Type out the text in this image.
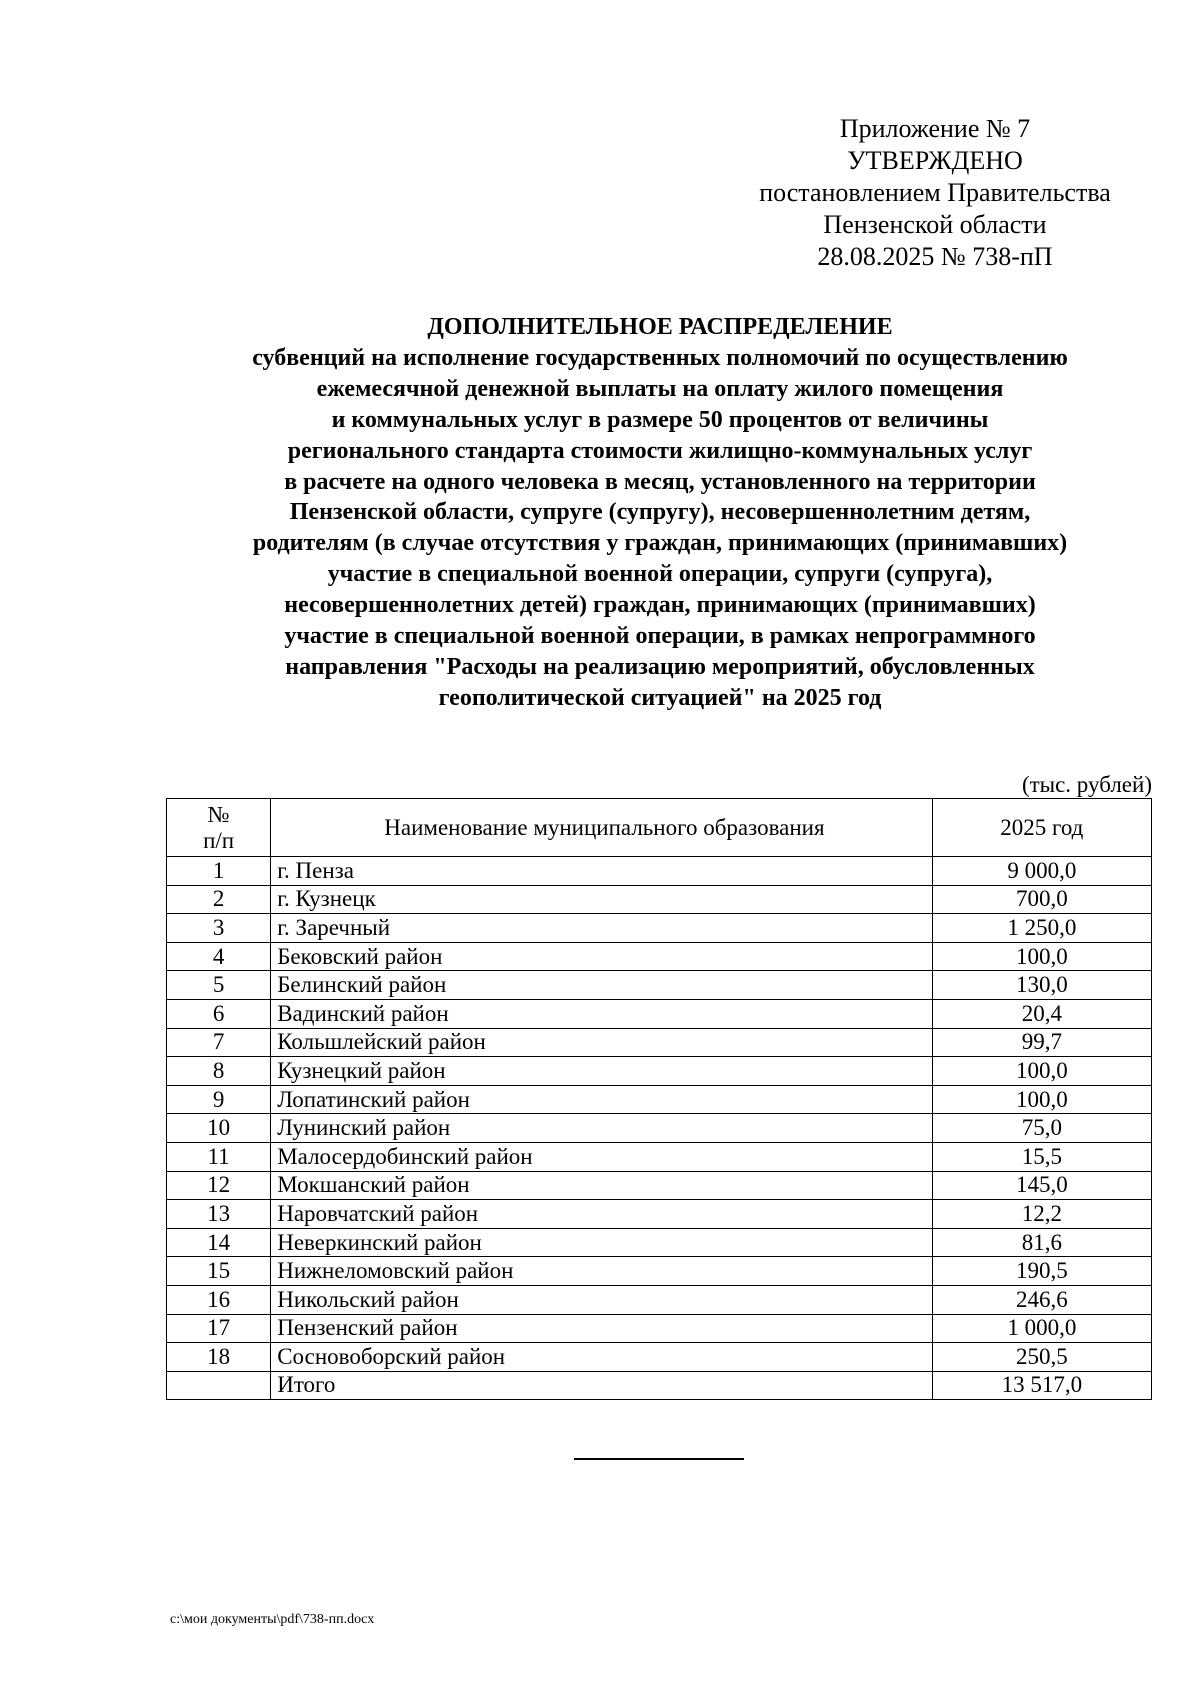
Приложение № 7
УТВЕРЖДЕНО
постановлением Правительства
Пензенской области
28.08.2025 № 738-пП
ДОПОЛНИТЕЛЬНОЕ РАСПРЕДЕЛЕНИЕ
субвенций на исполнение государственных полномочий по осуществлению
ежемесячной денежной выплаты на оплату жилого помещения
и коммунальных услуг в размере 50 процентов от величины
регионального стандарта стоимости жилищно-коммунальных услуг
в расчете на одного человека в месяц, установленного на территории
Пензенской области, супруге (супругу), несовершеннолетним детям,
родителям (в случае отсутствия у граждан, принимающих (принимавших)
участие в специальной военной операции, супруги (супруга),
несовершеннолетних детей) граждан, принимающих (принимавших)
участие в специальной военной операции, в рамках непрограммного
направления "Расходы на реализацию мероприятий, обусловленных
геополитической ситуацией" на 2025 год
(тыс. рублей)
№
п/п	Наименование муниципального образования	2025 год
1	г. Пенза	9 000,0
2	г. Кузнецк	700,0
3	г. Заречный	1 250,0
4	Бековский район	100,0
5	Белинский район	130,0
6	Вадинский район	20,4
7	Кольшлейский район	99,7
8	Кузнецкий район	100,0
9	Лопатинский район	100,0
10	Лунинский район	75,0
11	Малосердобинский район	15,5
12	Мокшанский район	145,0
13	Наровчатский район	12,2
14	Неверкинский район	81,6
15	Нижнеломовский район	190,5
16	Никольский район	246,6
17	Пензенский район	1 000,0
18	Сосновоборский район	250,5
	Итого	13 517,0
c:\мои документы\pdf\738-пп.docx
